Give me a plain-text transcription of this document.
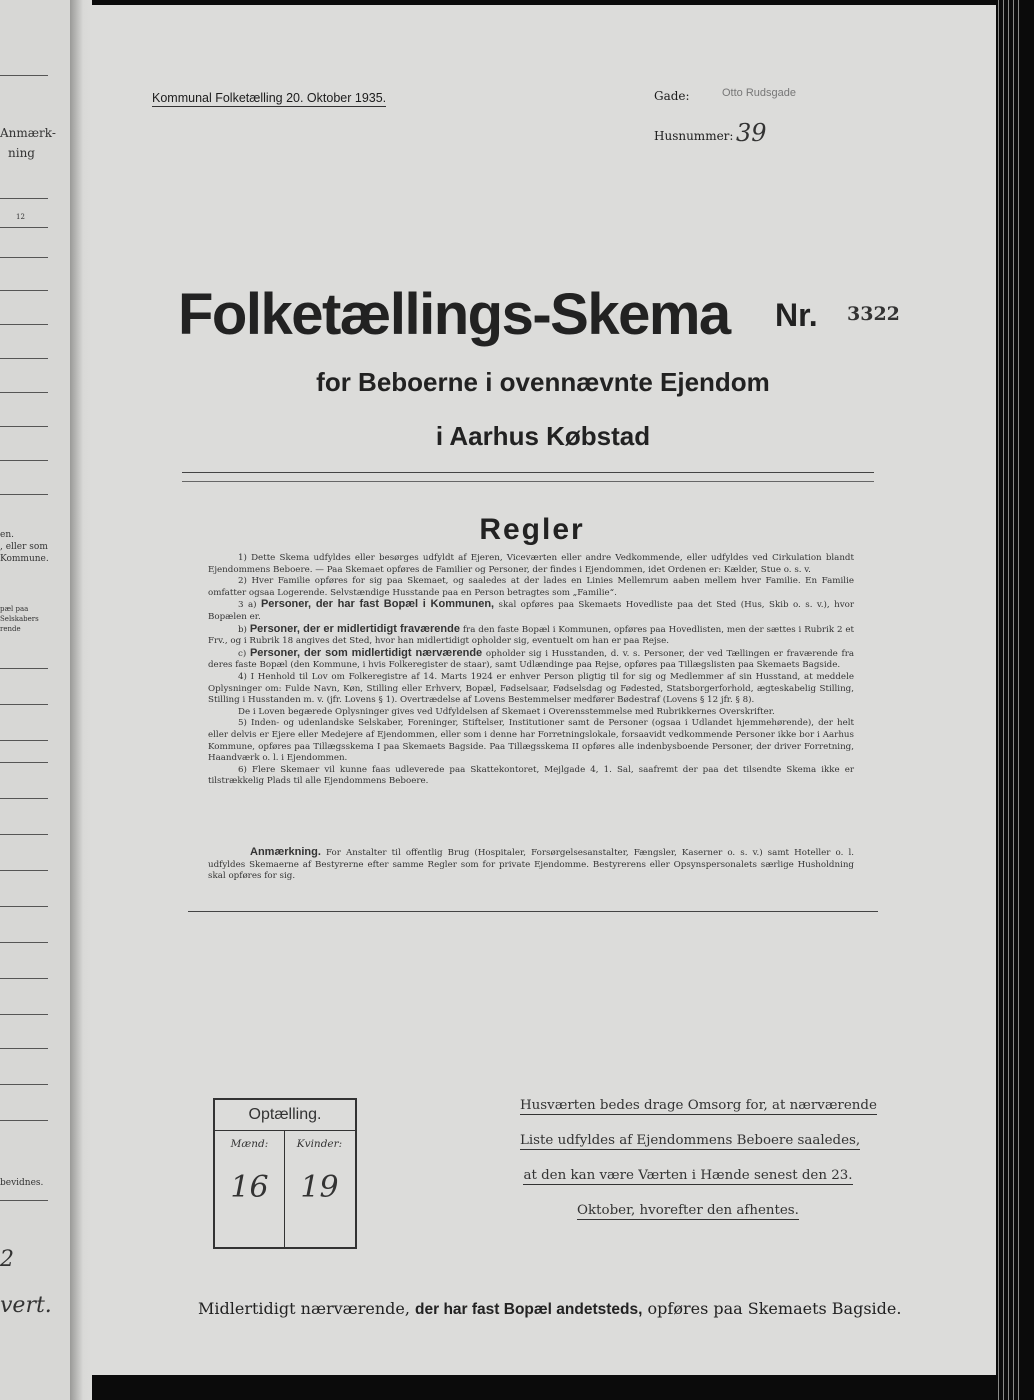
Anmærk-
ning
12
en.
, eller som
Kommune.
pæl paa
Selskabers
rende
bevidnes.
2
vert.
Kommunal Folketælling 20. Oktober 1935.	Gade:	Otto Rudsgade
Husnummer: 39
Folketællings-Skema Nr. 3322
for Beboerne i ovennævnte Ejendom
i Aarhus Købstad
Regler

1) Dette Skema udfyldes eller besørges udfyldt af Ejeren, Viceværten eller andre Vedkommende, eller udfyldes ved Cirkulation blandt Ejendommens Beboere. — Paa Skemaet opføres de Familier og Personer, der findes i Ejendommen, idet Ordenen er: Kælder, Stue o. s. v.

2) Hver Familie opføres for sig paa Skemaet, og saaledes at der lades en Linies Mellemrum aaben mellem hver Familie. En Familie omfatter ogsaa Logerende. Selvstændige Husstande paa en Person betragtes som „Familie“.

3 a) Personer, der har fast Bopæl i Kommunen, skal opføres paa Skemaets Hovedliste paa det Sted (Hus, Skib o. s. v.), hvor Bopælen er.

b) Personer, der er midlertidigt fraværende fra den faste Bopæl i Kommunen, opføres paa Hovedlisten, men der sættes i Rubrik 2 et Frv., og i Rubrik 18 angives det Sted, hvor han midlertidigt opholder sig, eventuelt om han er paa Rejse.

c) Personer, der som midlertidigt nærværende opholder sig i Husstanden, d. v. s. Personer, der ved Tællingen er fraværende fra deres faste Bopæl (den Kommune, i hvis Folkeregister de staar), samt Udlændinge paa Rejse, opføres paa Tillægslisten paa Skemaets Bagside.

4) I Henhold til Lov om Folkeregistre af 14. Marts 1924 er enhver Person pligtig til for sig og Medlemmer af sin Husstand, at meddele Oplysninger om: Fulde Navn, Køn, Stilling eller Erhverv, Bopæl, Fødselsaar, Fødselsdag og Fødested, Statsborgerforhold, ægteskabelig Stilling, Stilling i Husstanden m. v. (jfr. Lovens § 1). Overtrædelse af Lovens Bestemmelser medfører Bødestraf (Lovens § 12 jfr. § 8).

De i Loven begærede Oplysninger gives ved Udfyldelsen af Skemaet i Overensstemmelse med Rubrikkernes Overskrifter.

5) Inden- og udenlandske Selskaber, Foreninger, Stiftelser, Institutioner samt de Personer (ogsaa i Udlandet hjemmehørende), der helt eller delvis er Ejere eller Medejere af Ejendommen, eller som i denne har Forretningslokale, forsaavidt vedkommende Personer ikke bor i Aarhus Kommune, opføres paa Tillægsskema I paa Skemaets Bagside. Paa Tillægsskema II opføres alle indenbysboende Personer, der driver Forretning, Haandværk o. l. i Ejendommen.

6) Flere Skemaer vil kunne faas udleverede paa Skattekontoret, Mejlgade 4, 1. Sal, saafremt der paa det tilsendte Skema ikke er tilstrækkelig Plads til alle Ejendommens Beboere.

Anmærkning. For Anstalter til offentlig Brug (Hospitaler, Forsørgelsesanstalter, Fængsler, Kaserner o. s. v.) samt Hoteller o. l. udfyldes Skemaerne af Bestyrerne efter samme Regler som for private Ejendomme. Bestyrerens eller Opsynspersonalets særlige Husholdning skal opføres for sig.
Optælling.
Mænd:	Kvinder:
16	19
Husværten bedes drage Omsorg for, at nærværende
Liste udfyldes af Ejendommens Beboere saaledes,
at den kan være Værten i Hænde senest den 23.
Oktober, hvorefter den afhentes.
Midlertidigt nærværende, der har fast Bopæl andetsteds, opføres paa Skemaets Bagside.
